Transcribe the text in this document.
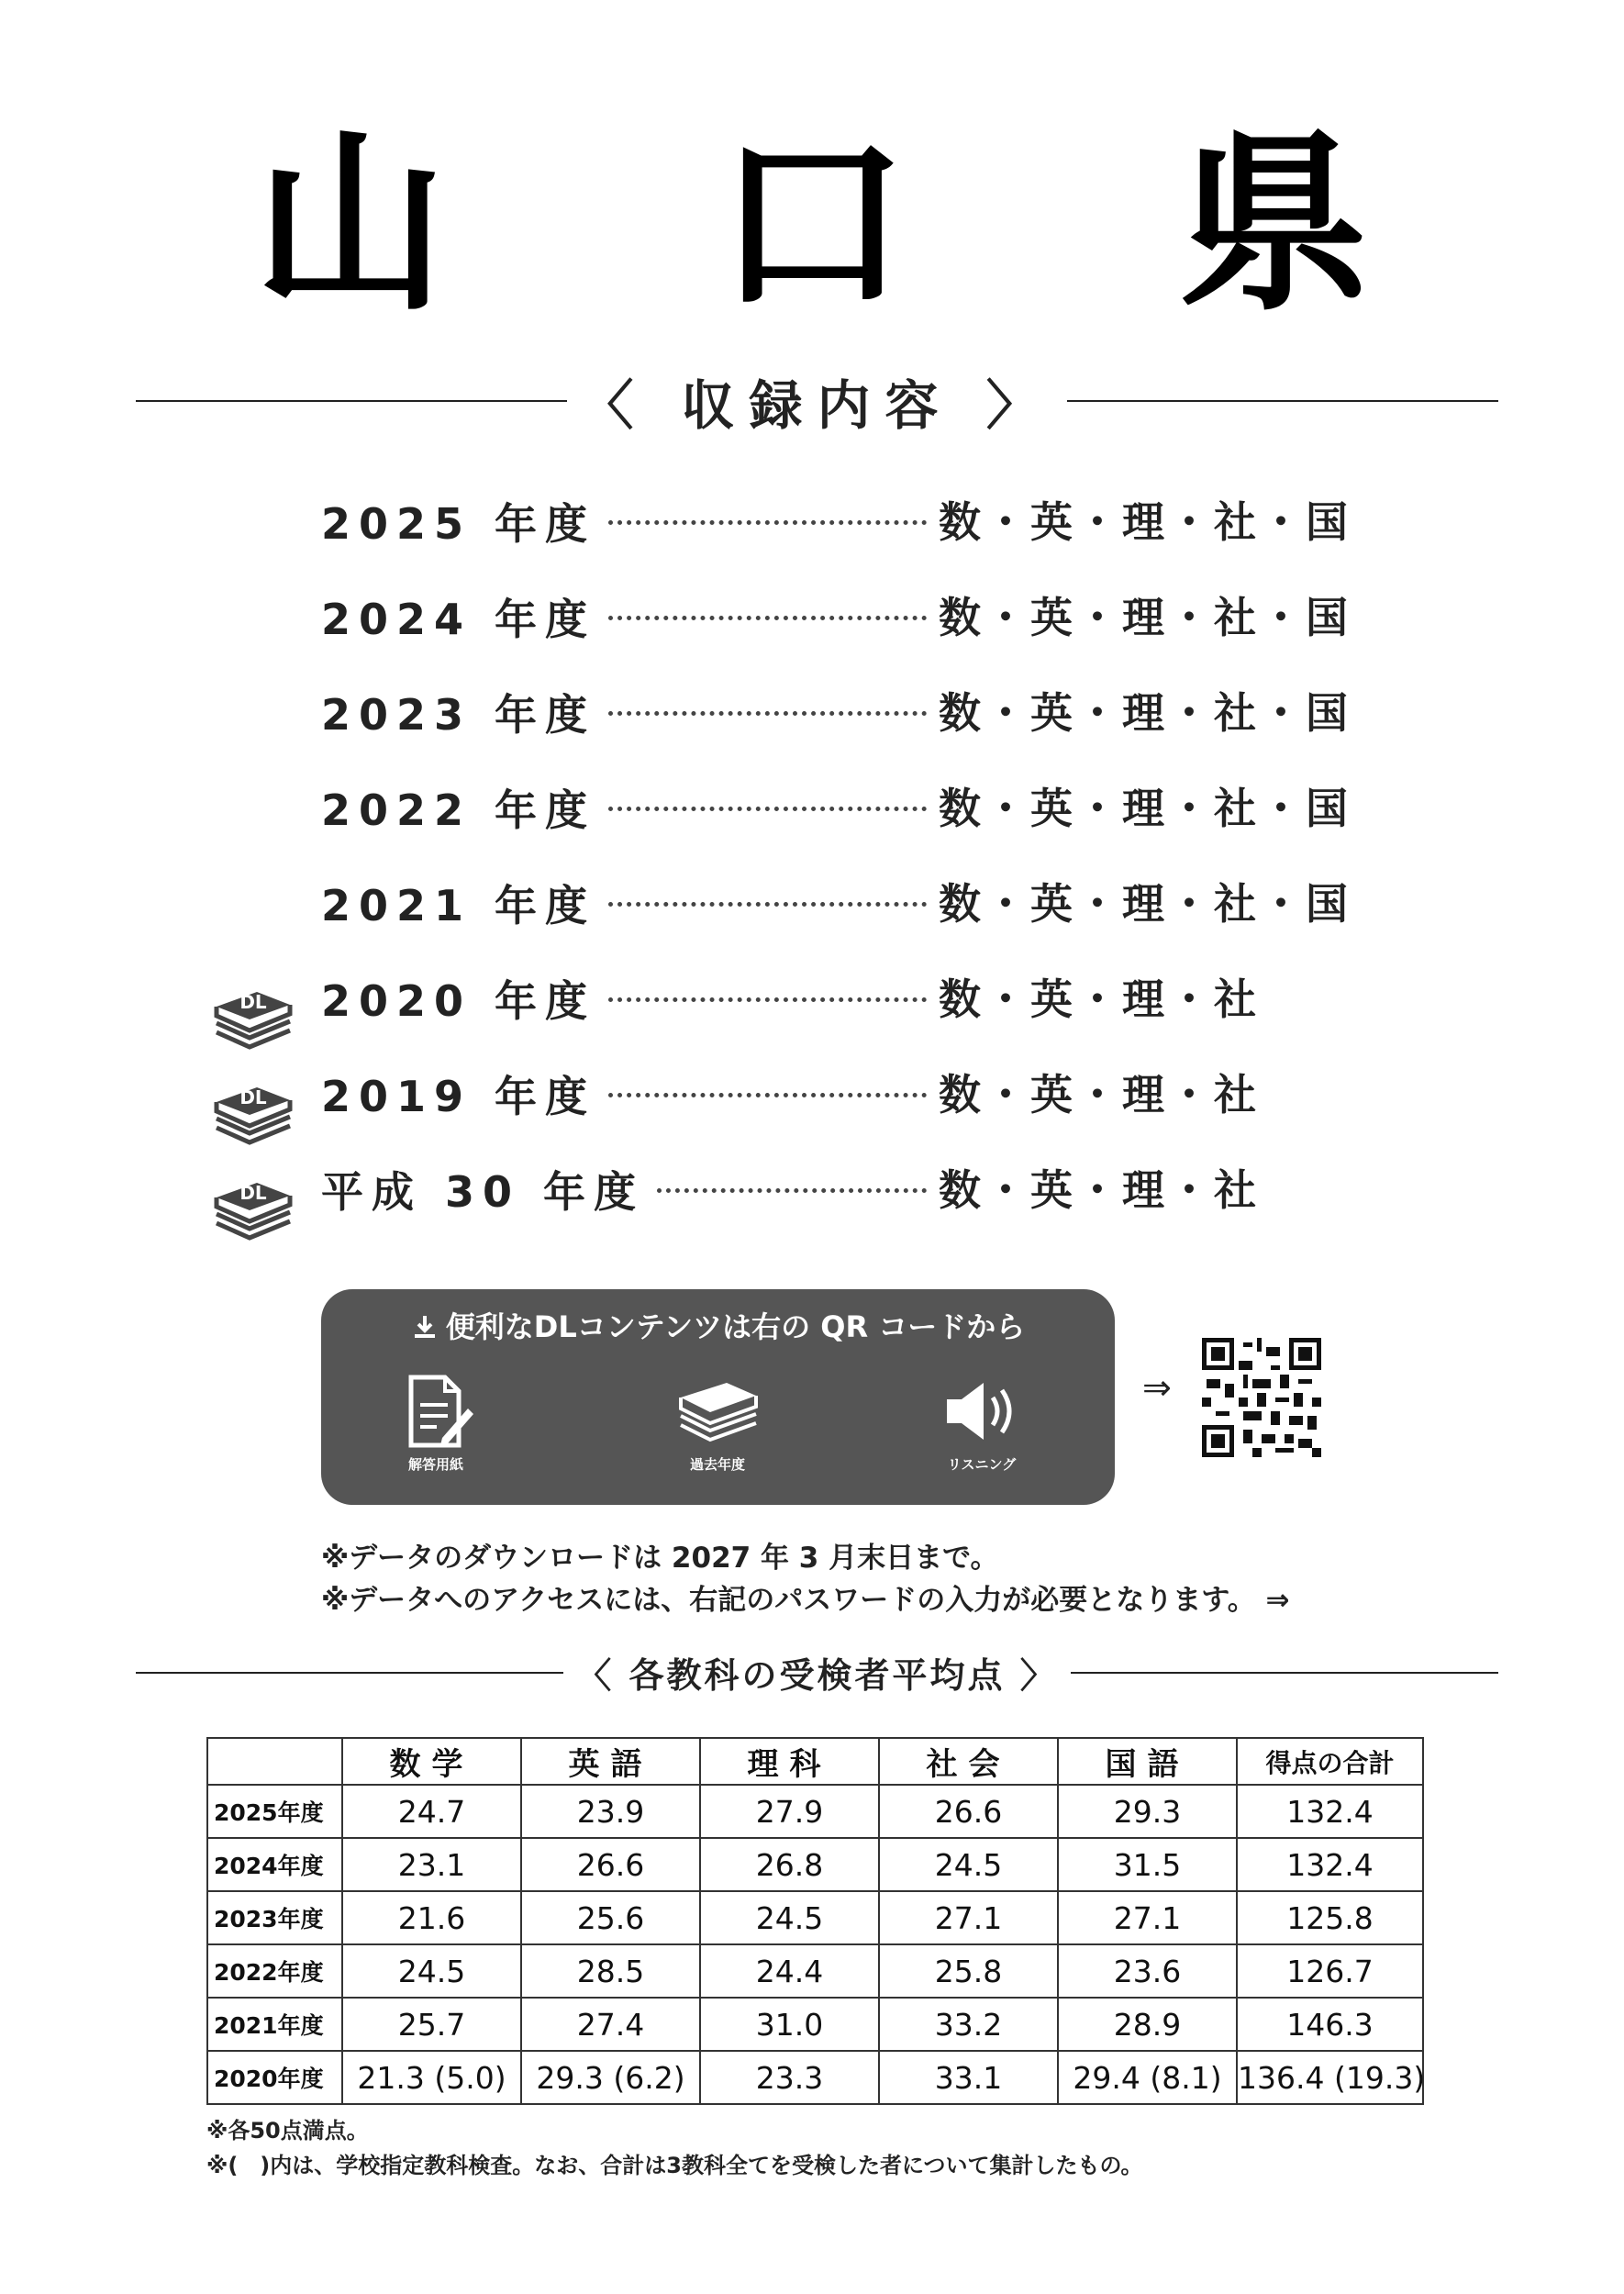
山 口 県
〈 収録内容 〉
2025 年度	数・英・理・社・国
2024 年度	数・英・理・社・国
2023 年度	数・英・理・社・国
2022 年度	数・英・理・社・国
2021 年度	数・英・理・社・国
DL 2020 年度	数・英・理・社
DL 2019 年度	数・英・理・社
DL 平成 30 年度	数・英・理・社
便利なDLコンテンツは右の QR コードから
解答用紙	過去年度	リスニング
⇒
※データのダウンロードは 2027 年 3 月末日まで。
※データへのアクセスには、右記のパスワードの入力が必要となります。 ⇒
〈 各教科の受検者平均点 〉
	数学	英語	理科	社会	国語	得点の合計
2025年度	24.7	23.9	27.9	26.6	29.3	132.4
2024年度	23.1	26.6	26.8	24.5	31.5	132.4
2023年度	21.6	25.6	24.5	27.1	27.1	125.8
2022年度	24.5	28.5	24.4	25.8	23.6	126.7
2021年度	25.7	27.4	31.0	33.2	28.9	146.3
2020年度	21.3 (5.0)	29.3 (6.2)	23.3	33.1	29.4 (8.1)	136.4 (19.3)
※各50点満点。
※(　)内は、学校指定教科検査。なお、合計は3教科全てを受検した者について集計したもの。
